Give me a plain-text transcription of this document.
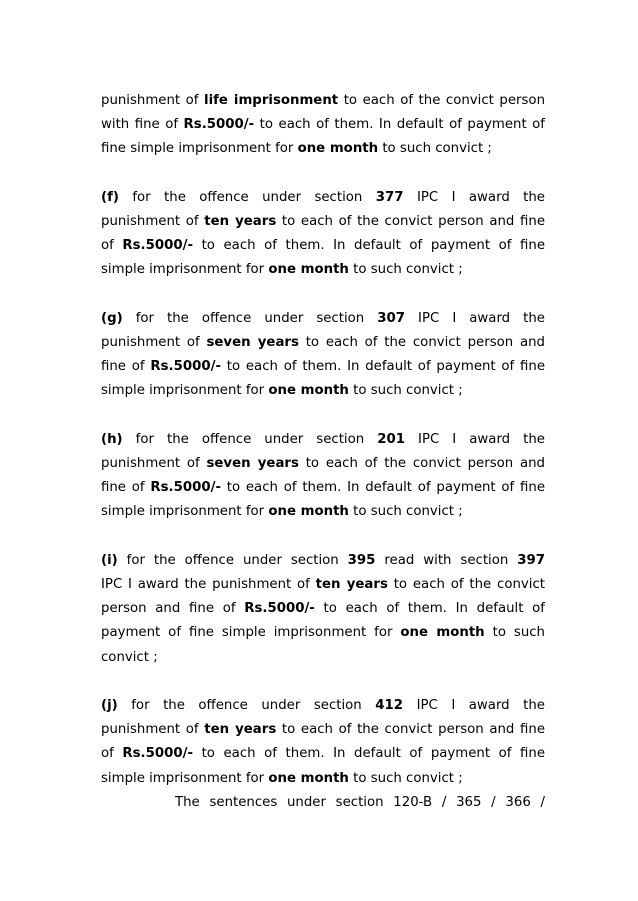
punishment of life imprisonment to each of the convict person
with fine of Rs.5000/- to each of them. In default of payment of
fine simple imprisonment for one month to such convict ;

(f) for the offence under section 377 IPC I award the
punishment of ten years to each of the convict person and fine
of Rs.5000/- to each of them. In default of payment of fine
simple imprisonment for one month to such convict ;

(g) for the offence under section 307 IPC I award the
punishment of seven years to each of the convict person and
fine of Rs.5000/- to each of them. In default of payment of fine
simple imprisonment for one month to such convict ;

(h) for the offence under section 201 IPC I award the
punishment of seven years to each of the convict person and
fine of Rs.5000/- to each of them. In default of payment of fine
simple imprisonment for one month to such convict ;

(i) for the offence under section 395 read with section 397
IPC I award the punishment of ten years to each of the convict
person and fine of Rs.5000/- to each of them. In default of
payment of fine simple imprisonment for one month to such
convict ;

(j) for the offence under section 412 IPC I award the
punishment of ten years to each of the convict person and fine
of Rs.5000/- to each of them. In default of payment of fine
simple imprisonment for one month to such convict ;

The sentences under section 120-B / 365 / 366 /
